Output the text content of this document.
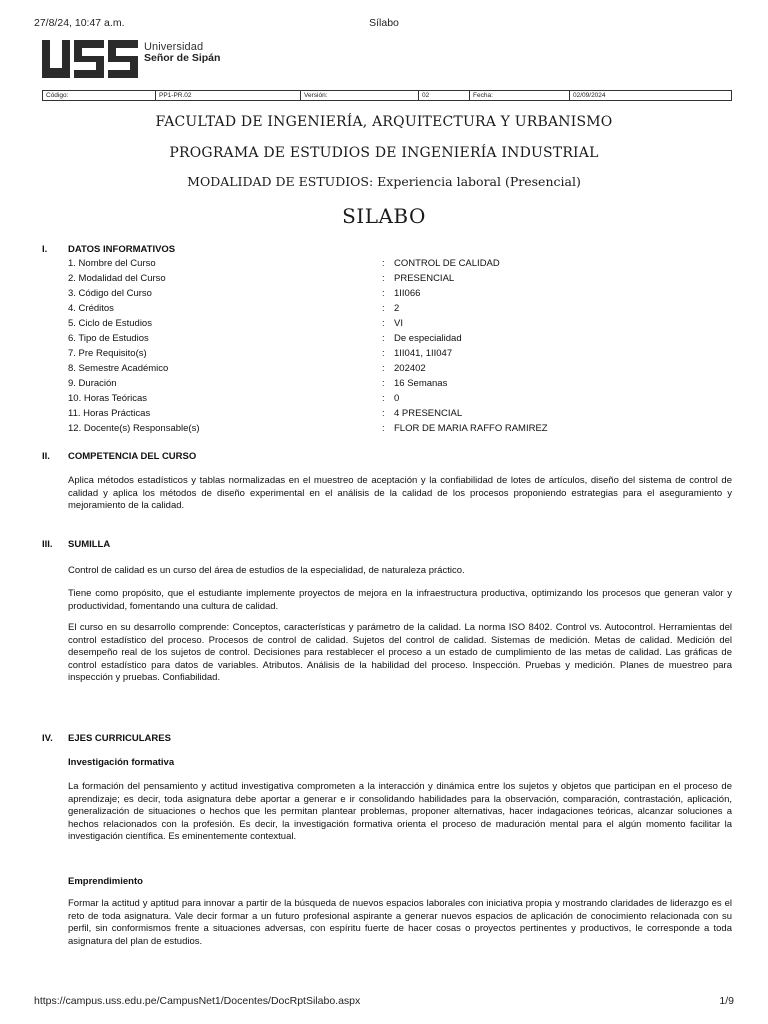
27/8/24, 10:47 a.m.	Sílabo
Universidad
Señor de Sipán
Código:	PP1-PR.02	Versión:	02	Fecha:	02/09/2024
FACULTAD DE INGENIERÍA, ARQUITECTURA Y URBANISMO
PROGRAMA DE ESTUDIOS DE INGENIERÍA INDUSTRIAL
MODALIDAD DE ESTUDIOS: Experiencia laboral (Presencial)
SILABO
I. DATOS INFORMATIVOS
1. Nombre del Curso	: CONTROL DE CALIDAD
2. Modalidad del Curso	: PRESENCIAL
3. Código del Curso	: 1II066
4. Créditos	: 2
5. Ciclo de Estudios	: VI
6. Tipo de Estudios	: De especialidad
7. Pre Requisito(s)	: 1II041, 1II047
8. Semestre Académico	: 202402
9. Duración	: 16 Semanas
10. Horas Teóricas	: 0
11. Horas Prácticas	: 4 PRESENCIAL
12. Docente(s) Responsable(s)	: FLOR DE MARIA RAFFO RAMIREZ
II. COMPETENCIA DEL CURSO
Aplica métodos estadísticos y tablas normalizadas en el muestreo de aceptación y la confiabilidad de lotes de artículos, diseño del sistema de control de calidad y aplica los métodos de diseño experimental en el análisis de la calidad de los procesos proponiendo estrategias para el aseguramiento y mejoramiento de la calidad.
III. SUMILLA
Control de calidad es un curso del área de estudios de la especialidad, de naturaleza práctico.
Tiene como propósito, que el estudiante implemente proyectos de mejora en la infraestructura productiva, optimizando los procesos que generan valor y productividad, fomentando una cultura de calidad.
El curso en su desarrollo comprende: Conceptos, características y parámetro de la calidad. La norma ISO 8402. Control vs. Autocontrol. Herramientas del control estadístico del proceso. Procesos de control de calidad. Sujetos del control de calidad. Sistemas de medición. Metas de calidad. Medición del desempeño real de los sujetos de control. Decisiones para restablecer el proceso a un estado de cumplimiento de las metas de calidad. Las gráficas de control estadístico para datos de variables. Atributos. Análisis de la habilidad del proceso. Inspección. Pruebas y medición. Planes de muestreo para inspección y pruebas. Confiabilidad.
IV. EJES CURRICULARES
Investigación formativa
La formación del pensamiento y actitud investigativa comprometen a la interacción y dinámica entre los sujetos y objetos que participan en el proceso de aprendizaje; es decir, toda asignatura debe aportar a generar e ir consolidando habilidades para la observación, comparación, contrastación, aplicación, generalización de situaciones o hechos que les permitan plantear problemas, proponer alternativas, hacer indagaciones teóricas, alcanzar soluciones a hechos relacionados con la profesión. Es decir, la investigación formativa orienta el proceso de maduración mental para el algún momento facilitar la investigación científica. Es eminentemente contextual.
Emprendimiento
Formar la actitud y aptitud para innovar a partir de la búsqueda de nuevos espacios laborales con iniciativa propia y mostrando claridades de liderazgo es el reto de toda asignatura. Vale decir formar a un futuro profesional aspirante a generar nuevos espacios de aplicación de conocimiento relacionada con su perfil, sin conformismos frente a situaciones adversas, con espíritu fuerte de hacer cosas o proyectos pertinentes y productivos, le corresponde a toda asignatura del plan de estudios.
https://campus.uss.edu.pe/CampusNet1/Docentes/DocRptSilabo.aspx	1/9
